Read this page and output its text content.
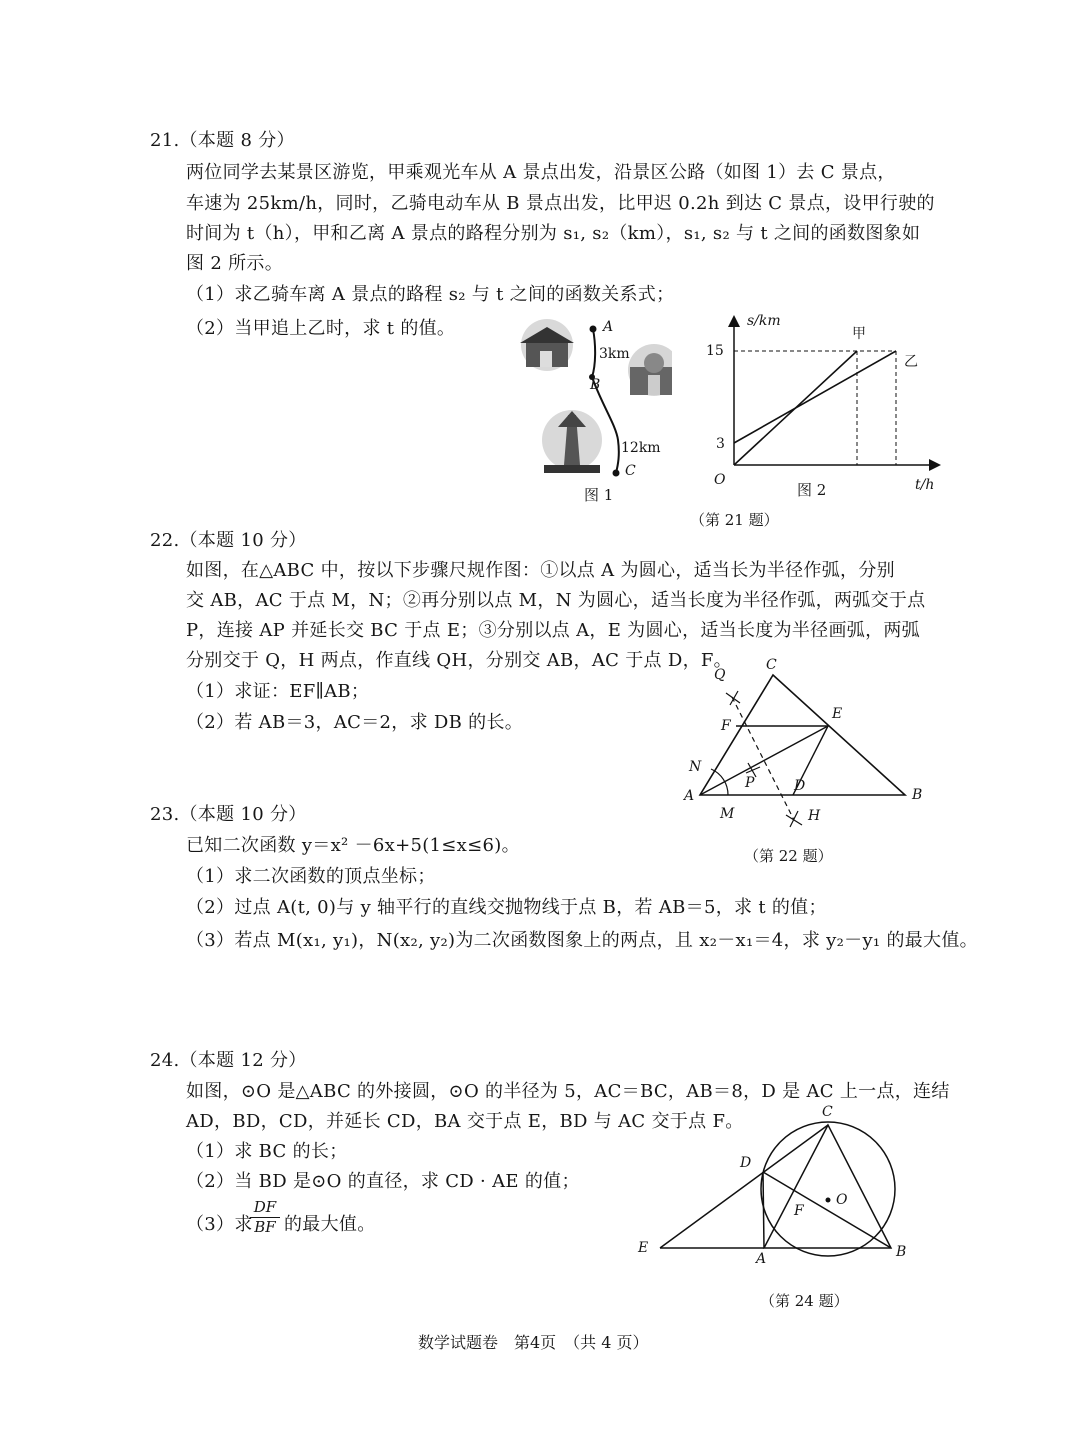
21.（本题 8 分）
两位同学去某景区游览，甲乘观光车从 A 景点出发，沿景区公路（如图 1）去 C 景点，
车速为 25km/h，同时，乙骑电动车从 B 景点出发，比甲迟 0.2h 到达 C 景点，设甲行驶的
时间为 t（h），甲和乙离 A 景点的路程分别为 s₁, s₂（km），s₁, s₂ 与 t 之间的函数图象如
图 2 所示。
（1）求乙骑车离 A 景点的路程 s₂ 与 t 之间的函数关系式；
（2）当甲追上乙时，求 t 的值。	A
3km
B
12km
C
图 1
s/km
15
3
O
甲
乙
图 2	t/h
（第 21 题）
22.（本题 10 分）
如图，在△ABC 中，按以下步骤尺规作图：①以点 A 为圆心，适当长为半径作弧，分别
交 AB，AC 于点 M，N；②再分别以点 M，N 为圆心，适当长度为半径作弧，两弧交于点
P，连接 AP 并延长交 BC 于点 E；③分别以点 A，E 为圆心，适当长度为半径画弧，两弧
分别交于 Q，H 两点，作直线 QH，分别交 AB，AC 于点 D，F。
（1）求证：EF∥AB；
（2）若 AB＝3，AC＝2，求 DB 的长。
C
Q
F
E
N
P	D
A
M	H
B
（第 22 题）
23.（本题 10 分）
已知二次函数 y＝x² －6x+5(1≤x≤6)。
（1）求二次函数的顶点坐标；
（2）过点 A(t, 0)与 y 轴平行的直线交抛物线于点 B，若 AB＝5，求 t 的值；
（3）若点 M(x₁, y₁)，N(x₂, y₂)为二次函数图象上的两点，且 x₂－x₁＝4，求 y₂－y₁ 的最大值。
24.（本题 12 分）
如图，⊙O 是△ABC 的外接圆，⊙O 的半径为 5，AC＝BC，AB＝8，D 是 AC 上一点，连结
AD，BD，CD，并延长 CD，BA 交于点 E，BD 与 AC 交于点 F。
（1）求 BC 的长；
（2）当 BD 是⊙O 的直径，求 CD · AE 的值；
（3）求
$\frac{DF}{BF}$ 的最大值。
C
D
O
F
E
A	B
（第 24 题）
数学试题卷　第4页　（共 4 页）
